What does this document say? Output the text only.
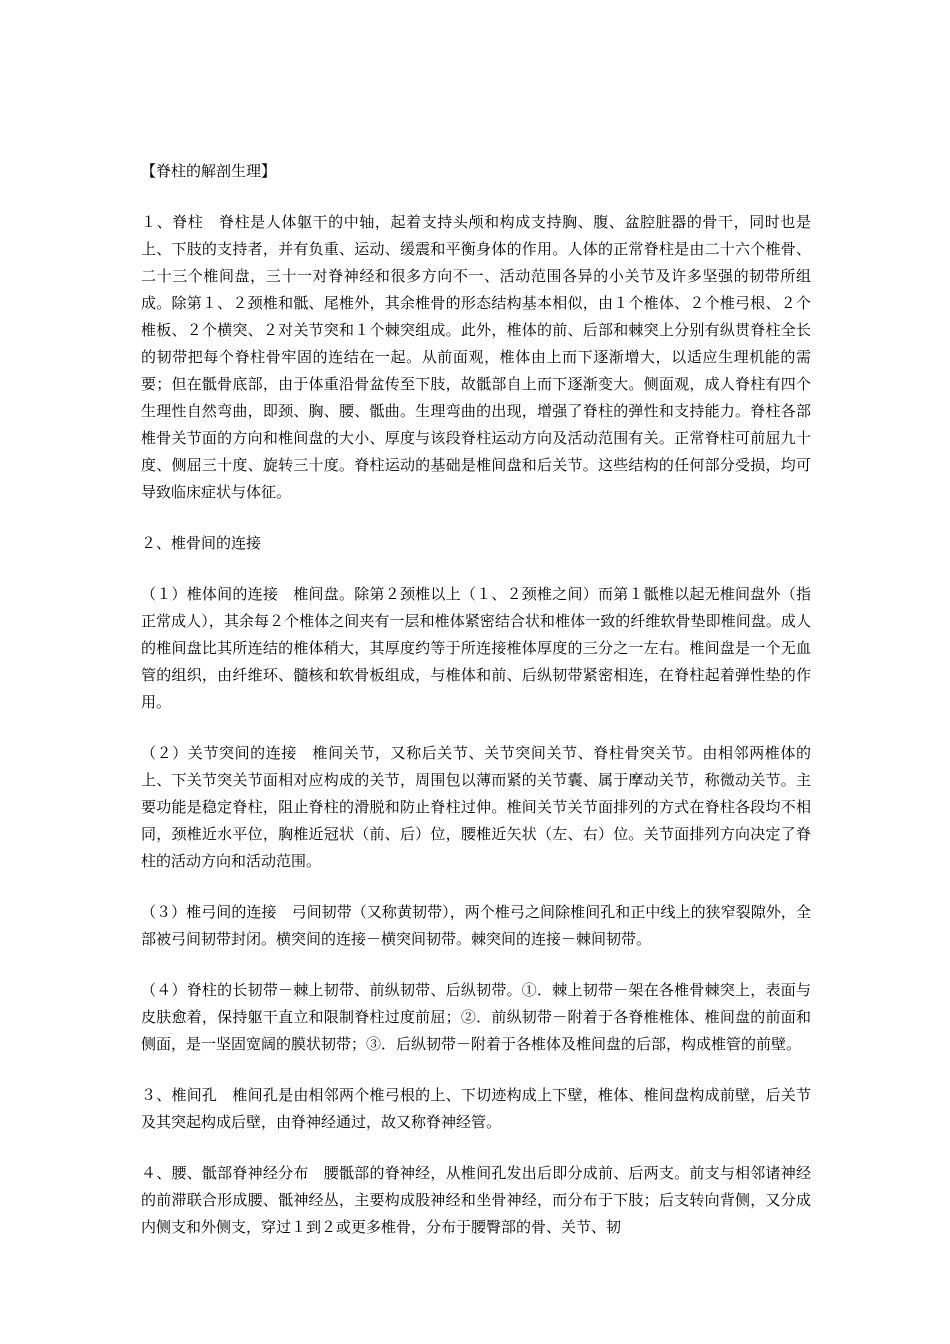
【脊柱的解剖生理】

１、脊柱　脊柱是人体躯干的中轴，起着支持头颅和构成支持胸、腹、盆腔脏器的骨干，同时也是上、下肢的支持者，并有负重、运动、缓震和平衡身体的作用。人体的正常脊柱是由二十六个椎骨、二十三个椎间盘，三十一对脊神经和很多方向不一、活动范围各异的小关节及许多坚强的韧带所组成。除第１、２颈椎和骶、尾椎外，其余椎骨的形态结构基本相似，由１个椎体、２个椎弓根、２个椎板、２个横突、２对关节突和１个棘突组成。此外，椎体的前、后部和棘突上分别有纵贯脊柱全长的韧带把每个脊柱骨牢固的连结在一起。从前面观，椎体由上而下逐渐增大，以适应生理机能的需要；但在骶骨底部，由于体重沿骨盆传至下肢，故骶部自上而下逐渐变大。侧面观，成人脊柱有四个生理性自然弯曲，即颈、胸、腰、骶曲。生理弯曲的出现，增强了脊柱的弹性和支持能力。脊柱各部椎骨关节面的方向和椎间盘的大小、厚度与该段脊柱运动方向及活动范围有关。正常脊柱可前屈九十度、侧屈三十度、旋转三十度。脊柱运动的基础是椎间盘和后关节。这些结构的任何部分受损，均可导致临床症状与体征。

２、椎骨间的连接

（１）椎体间的连接　椎间盘。除第２颈椎以上（１、２颈椎之间）而第１骶椎以起无椎间盘外（指正常成人），其余每２个椎体之间夹有一层和椎体紧密结合状和椎体一致的纤维软骨垫即椎间盘。成人的椎间盘比其所连结的椎体稍大，其厚度约等于所连接椎体厚度的三分之一左右。椎间盘是一个无血管的组织，由纤维环、髓核和软骨板组成，与椎体和前、后纵韧带紧密相连，在脊柱起着弹性垫的作用。

（２）关节突间的连接　椎间关节，又称后关节、关节突间关节、脊柱骨突关节。由相邻两椎体的上、下关节突关节面相对应构成的关节，周围包以薄而紧的关节囊、属于摩动关节，称微动关节。主要功能是稳定脊柱，阻止脊柱的滑脱和防止脊柱过伸。椎间关节关节面排列的方式在脊柱各段均不相同，颈椎近水平位，胸椎近冠状（前、后）位，腰椎近矢状（左、右）位。关节面排列方向决定了脊柱的活动方向和活动范围。

（３）椎弓间的连接　弓间韧带（又称黄韧带），两个椎弓之间除椎间孔和正中线上的狭窄裂隙外，全部被弓间韧带封闭。横突间的连接－横突间韧带。棘突间的连接－棘间韧带。

（４）脊柱的长韧带－棘上韧带、前纵韧带、后纵韧带。①．棘上韧带－架在各椎骨棘突上，表面与皮肤愈着，保持躯干直立和限制脊柱过度前屈；②．前纵韧带－附着于各脊椎椎体、椎间盘的前面和侧面，是一坚固宽阔的膜状韧带；③．后纵韧带－附着于各椎体及椎间盘的后部，构成椎管的前壁。

３、椎间孔　椎间孔是由相邻两个椎弓根的上、下切迹构成上下壁，椎体、椎间盘构成前壁，后关节及其突起构成后壁，由脊神经通过，故又称脊神经管。

４、腰、骶部脊神经分布　腰骶部的脊神经，从椎间孔发出后即分成前、后两支。前支与相邻诸神经的前滞联合形成腰、骶神经丛，主要构成股神经和坐骨神经，而分布于下肢；后支转向背侧，又分成内侧支和外侧支，穿过１到２或更多椎骨，分布于腰臀部的骨、关节、韧
